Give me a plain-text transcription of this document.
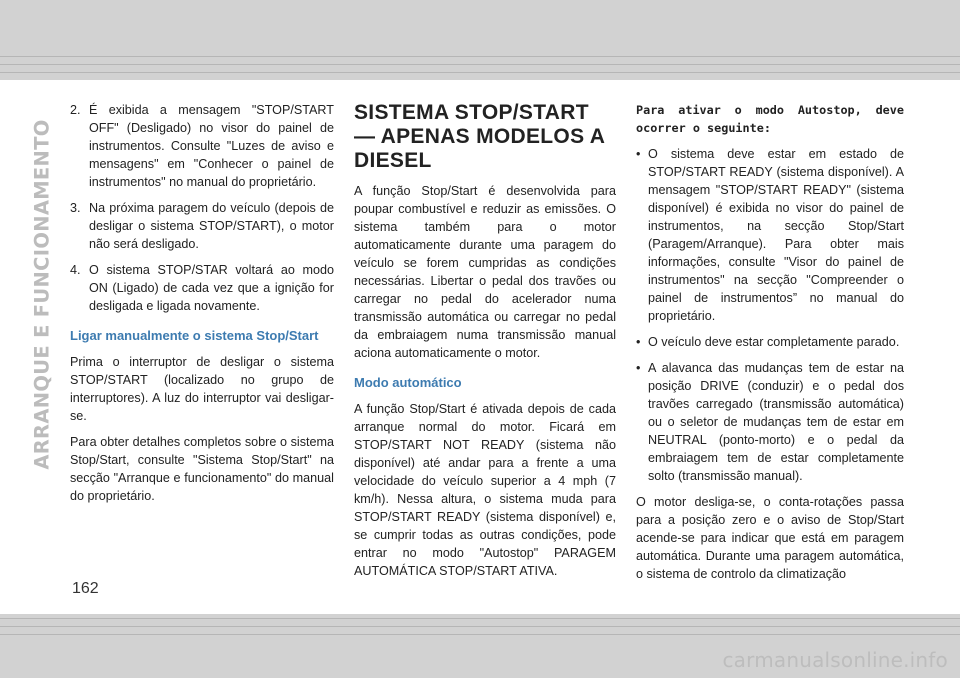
ARRANQUE E FUNCIONAMENTO
2. É exibida a mensagem "STOP/START OFF" (Desligado) no visor do painel de instrumentos. Consulte "Luzes de aviso e mensagens" em "Conhecer o painel de instrumentos" no manual do proprietário.
3. Na próxima paragem do veículo (depois de desligar o sistema STOP/START), o motor não será desligado.
4. O sistema STOP/STAR voltará ao modo ON (Ligado) de cada vez que a ignição for desligada e ligada novamente.
Ligar manualmente o sistema Stop/Start

Prima o interruptor de desligar o sistema STOP/START (localizado no grupo de interruptores). A luz do interruptor vai desligar-se.

Para obter detalhes completos sobre o sistema Stop/Start, consulte "Sistema Stop/Start" na secção "Arranque e funcionamento" do manual do proprietário.

SISTEMA STOP/START — APENAS MODELOS A DIESEL

A função Stop/Start é desenvolvida para poupar combustível e reduzir as emissões. O sistema também para o motor automaticamente durante uma paragem do veículo se forem cumpridas as condições necessárias. Libertar o pedal dos travões ou carregar no pedal do acelerador numa transmissão automática ou carregar no pedal da embraiagem numa transmissão manual aciona automaticamente o motor.

Modo automático

A função Stop/Start é ativada depois de cada arranque normal do motor. Ficará em STOP/START NOT READY (sistema não disponível) até andar para a frente a uma velocidade do veículo superior a 4 mph (7 km/h). Nessa altura, o sistema muda para STOP/START READY (sistema disponível) e, se cumprir todas as outras condições, pode entrar no modo "Autostop" PARAGEM AUTOMÁTICA STOP/START ATIVA.

Para ativar o modo Autostop, deve ocorrer o seguinte:

• O sistema deve estar em estado de STOP/START READY (sistema disponível). A mensagem "STOP/START READY" (sistema disponível) é exibida no visor do painel de instrumentos, na secção Stop/Start (Paragem/Arranque). Para obter mais informações, consulte "Visor do painel de instrumentos" na secção "Compreender o painel de instrumentos” no manual do proprietário.
• O veículo deve estar completamente parado.
• A alavanca das mudanças tem de estar na posição DRIVE (conduzir) e o pedal dos travões carregado (transmissão automática) ou o seletor de mudanças tem de estar em NEUTRAL (ponto-morto) e o pedal da embraiagem tem de estar completamente solto (transmissão manual).

O motor desliga-se, o conta-rotações passa para a posição zero e o aviso de Stop/Start acende-se para indicar que está em paragem automática. Durante uma paragem automática, o sistema de controlo da climatização

162
carmanualsonline.info
